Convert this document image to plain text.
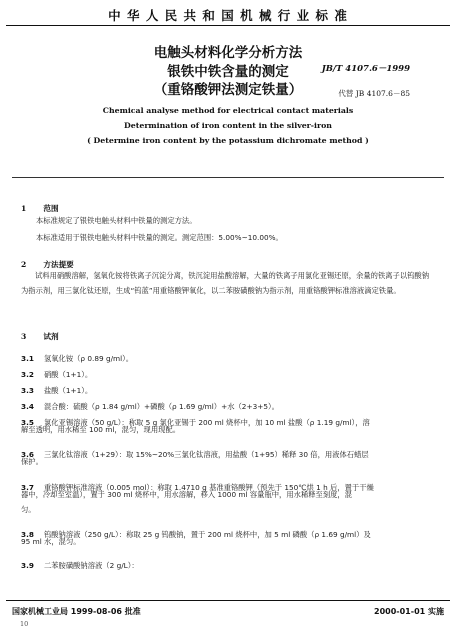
中 华 人 民 共 和 国 机 械 行 业 标 准
电触头材料化学分析方法
银铁中铁含量的测定
（重铬酸钾法测定铁量）
JB/T 4107.6－1999
代替 JB 4107.6－85
Chemical analyse method for electrical contact materials
Determination of iron content in the silver-iron
( Determine iron content by the potassium dichromate method )
1 范围
本标准规定了银铁电触头材料中铁量的测定方法。
本标准适用于银铁电触头材料中铁量的测定。测定范围：5.00%~10.00%。
2 方法提要
试料用硝酸溶解，氢氧化铵将铁离子沉淀分离，铁沉淀用盐酸溶解，大量的铁离子用氯化亚锡还原，余量的铁离子以钨酸钠为指示剂，用三氯化钛还原，生成“钨蓝”用重铬酸钾氧化，以二苯胺磺酸钠为指示剂，用重铬酸钾标准溶液滴定铁量。
3 试剂
3.1 氢氧化铵（ρ 0.89 g/ml）。
3.2 硝酸（1+1）。
3.3 盐酸（1+1）。
3.4 混合酸：硫酸（ρ 1.84 g/ml）+磷酸（ρ 1.69 g/ml）+水（2+3+5）。
3.5 氯化亚锡溶液（50 g/L）：称取 5 g 氯化亚锡于 200 ml 烧杯中，加 10 ml 盐酸（ρ 1.19 g/ml），溶
解至透明，用水稀至 100 ml，混匀，现用现配。
3.6 三氯化钛溶液（1+29）：取 15%~20%三氯化钛溶液，用盐酸（1+95）稀释 30 倍，用液体石蜡层
保护。
3.7 重铬酸钾标准溶液（0.005 mol）：称取 1.4710 g 基准重铬酸钾（预先于 150℃烘 1 h 后，置于干燥
器中，冷却至室温），置于 300 ml 烧杯中，用水溶解，移入 1000 ml 容量瓶中，用水稀释至刻度，混
匀。
3.8 钨酸钠溶液（250 g/L）：称取 25 g 钨酸钠，置于 200 ml 烧杯中，加 5 ml 磷酸（ρ 1.69 g/ml）及
95 ml 水，混匀。
3.9 二苯胺磺酸钠溶液（2 g/L）：
国家机械工业局 1999-08-06 批准	2000-01-01 实施
10
